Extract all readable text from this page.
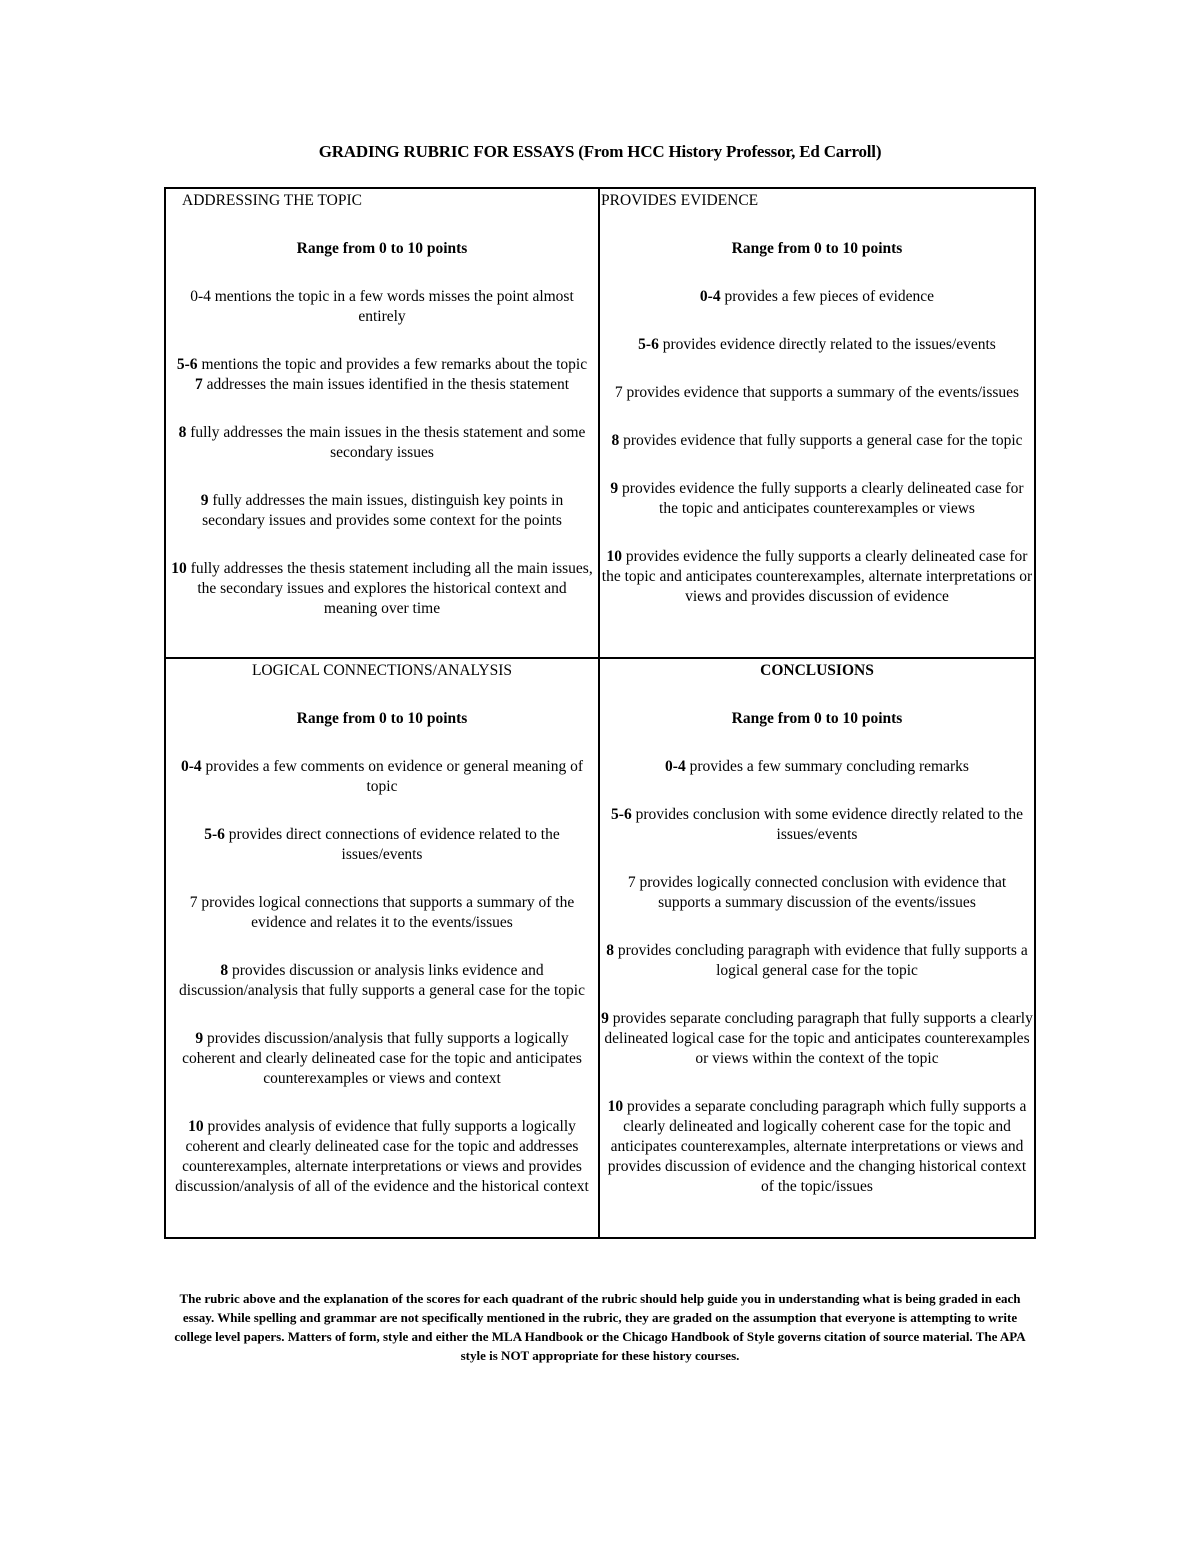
GRADING RUBRIC FOR ESSAYS (From HCC History Professor, Ed Carroll)
ADDRESSING THE TOPIC
Range from 0 to 10 points
0-4 mentions the topic in a few words misses the point almost entirely
5-6 mentions the topic and provides a few remarks about the topic
7 addresses the main issues identified in the thesis statement
8 fully addresses the main issues in the thesis statement and some secondary issues
9 fully addresses the main issues, distinguish key points in secondary issues and provides some context for the points
10 fully addresses the thesis statement including all the main issues, the secondary issues and explores the historical context and meaning over time
PROVIDES EVIDENCE
Range from 0 to 10 points
0-4 provides a few pieces of evidence
5-6 provides evidence directly related to the issues/events
7 provides evidence that supports a summary of the events/issues
8 provides evidence that fully supports a general case for the topic
9 provides evidence the fully supports a clearly delineated case for the topic and anticipates counterexamples or views
10 provides evidence the fully supports a clearly delineated case for the topic and anticipates counterexamples, alternate interpretations or views and provides discussion of evidence
LOGICAL CONNECTIONS/ANALYSIS
Range from 0 to 10 points
0-4 provides a few comments on evidence or general meaning of topic
5-6 provides direct connections of evidence related to the issues/events
7 provides logical connections that supports a summary of the evidence and relates it to the events/issues
8 provides discussion or analysis links evidence and discussion/analysis that fully supports a general case for the topic
9 provides discussion/analysis that fully supports a logically coherent and clearly delineated case for the topic and anticipates counterexamples or views and context
10 provides analysis of evidence that fully supports a logically coherent and clearly delineated case for the topic and addresses counterexamples, alternate interpretations or views and provides discussion/analysis of all of the evidence and the historical context
CONCLUSIONS
Range from 0 to 10 points
0-4 provides a few summary concluding remarks
5-6 provides conclusion with some evidence directly related to the issues/events
7 provides logically connected conclusion with evidence that supports a summary discussion of the events/issues
8 provides concluding paragraph with evidence that fully supports a logical general case for the topic
9 provides separate concluding paragraph that fully supports a clearly delineated logical case for the topic and anticipates counterexamples or views within the context of the topic
10 provides a separate concluding paragraph which fully supports a clearly delineated and logically coherent case for the topic and anticipates counterexamples, alternate interpretations or views and provides discussion of evidence and the changing historical context of the topic/issues
The rubric above and the explanation of the scores for each quadrant of the rubric should help guide you in understanding what is being graded in each essay. While spelling and grammar are not specifically mentioned in the rubric, they are graded on the assumption that everyone is attempting to write college level papers. Matters of form, style and either the MLA Handbook or the Chicago Handbook of Style governs citation of source material. The APA style is NOT appropriate for these history courses.
